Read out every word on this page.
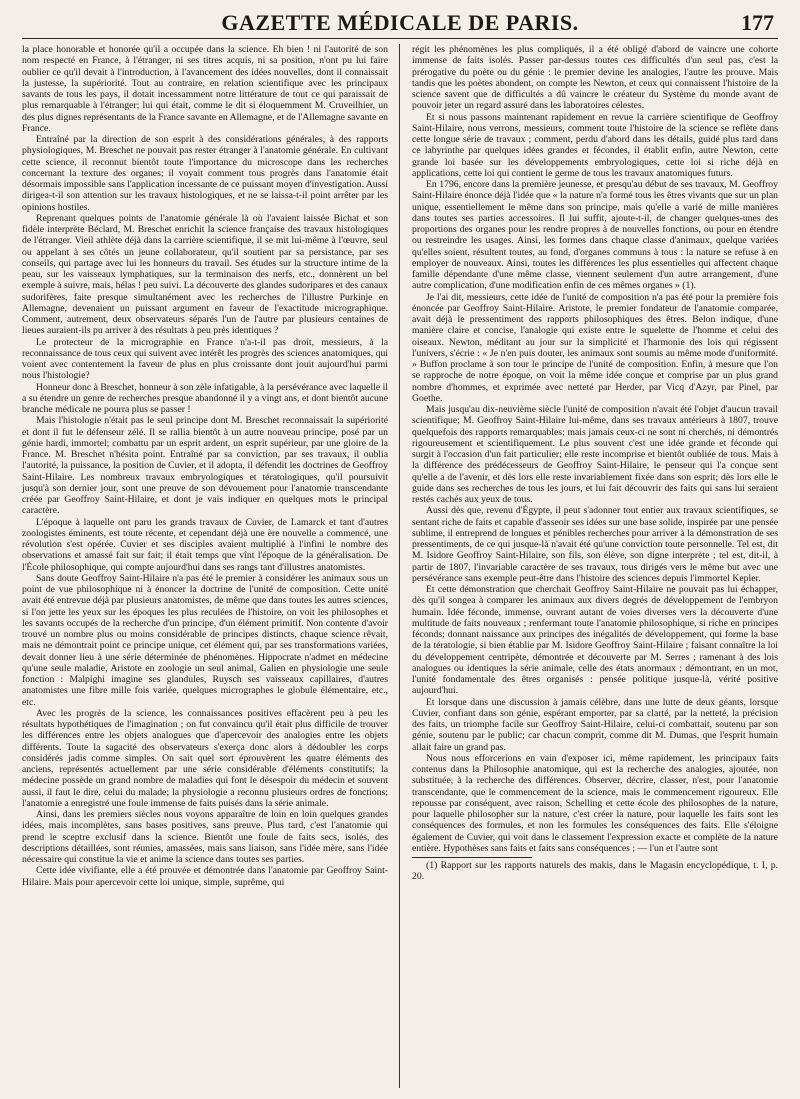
GAZETTE MÉDICALE DE PARIS.	177

la place honorable et honorée qu'il a occupée dans la science. Eh bien ! ni l'autorité de son nom respecté en France, à l'étranger, ni ses titres acquis, ni sa position, n'ont pu lui faire oublier ce qu'il devait à l'introduction, à l'avancement des idées nouvelles, dont il connaissait la justesse, la supériorité. Tout au contraire, en relation scientifique avec les principaux savants de tous les pays, il dotait incessamment notre littérature de tout ce qui paraissait de plus remarquable à l'étranger; lui qui était, comme le dit si éloquemment M. Cruveilhier, un des plus dignes représentants de la France savante en Allemagne, et de l'Allemagne savante en France.

Entraîné par la direction de son esprit à des considérations générales, à des rapports physiologiques, M. Breschet ne pouvait pas rester étranger à l'anatomie générale. En cultivant cette science, il reconnut bientôt toute l'importance du microscope dans les recherches concernant la texture des organes; il voyait comment tous progrès dans l'anatomie était désormais impossible sans l'application incessante de ce puissant moyen d'investigation. Aussi dirigea-t-il son attention sur les travaux histologiques, et ne se laissa-t-il point arrêter par les opinions hostiles.

Reprenant quelques points de l'anatomie générale là où l'avaient laissée Bichat et son fidèle interprète Béclard, M. Breschet enrichit la science française des travaux histologiques de l'étranger. Vieil athlète déjà dans la carrière scientifique, il se mit lui-même à l'œuvre, seul ou appelant à ses côtés un jeune collaborateur, qu'il soutient par sa persistance, par ses conseils, qui partage avec lui les honneurs du travail. Ses études sur la structure intime de la peau, sur les vaisseaux lymphatiques, sur la terminaison des nerfs, etc., donnèrent un bel exemple à suivre, mais, hélas ! peu suivi. La découverte des glandes sudoripares et des canaux sudorifères, faite presque simultanément avec les recherches de l'illustre Purkinje en Allemagne, devenaient un puissant argument en faveur de l'exactitude micrographique. Comment, autrement, deux observateurs séparés l'un de l'autre par plusieurs centaines de lieues auraient-ils pu arriver à des résultats à peu près identiques ?

Le protecteur de la micrographie en France n'a-t-il pas droit, messieurs, à la reconnaissance de tous ceux qui suivent avec intérêt les progrès des sciences anatomiques, qui voient avec contentement la faveur de plus en plus croissante dont jouit aujourd'hui parmi nous l'histologie?

Honneur donc à Breschet, honneur à son zèle infatigable, à la persévérance avec laquelle il a su étendre un genre de recherches presque abandonné il y a vingt ans, et dont bientôt aucune branche médicale ne pourra plus se passer !

Mais l'histologie n'était pas le seul principe dont M. Breschet reconnaissait la supériorité et dont il fut le défenseur zélé. Il se rallia bientôt à un autre nouveau principe, posé par un génie hardi, immortel; combattu par un esprit ardent, un esprit supérieur, par une gloire de la France. M. Breschet n'hésita point. Entraîné par sa conviction, par ses travaux, il oublia l'autorité, la puissance, la position de Cuvier, et il adopta, il défendit les doctrines de Geoffroy Saint-Hilaire. Les nombreux travaux embryologiques et tératologiques, qu'il poursuivit jusqu'à son dernier jour, sont une preuve de son dévouement pour l'anatomie transcendante créée par Geoffroy Saint-Hilaire, et dont je vais indiquer en quelques mots le principal caractère.

L'époque à laquelle ont paru les grands travaux de Cuvier, de Lamarck et tant d'autres zoologistes éminents, est toute récente, et cependant déjà une ère nouvelle a commencé, une révolution s'est opérée. Cuvier et ses disciples avaient multiplié à l'infini le nombre des observations et amassé fait sur fait; il était temps que vînt l'époque de la généralisation. De l'École philosophique, qui compte aujourd'hui dans ses rangs tant d'illustres anatomistes.

Sans doute Geoffroy Saint-Hilaire n'a pas été le premier à considérer les animaux sous un point de vue philosophique ni à énoncer la doctrine de l'unité de composition. Cette unité avait été entrevue déjà par plusieurs anatomistes, de même que dans toutes les autres sciences, si l'on jette les yeux sur les époques les plus reculées de l'histoire, on voit les philosophes et les savants occupés de la recherche d'un principe, d'un élément primitif. Non contente d'avoir trouvé un nombre plus ou moins considérable de principes distincts, chaque science rêvait, mais ne démontrait point ce principe unique, cet élément qui, par ses transformations variées, devait donner lieu à une série déterminée de phénomènes. Hippocrate n'admet en médecine qu'une seule maladie, Aristote en zoologie un seul animal, Galien en physiologie une seule fonction : Malpighi imagine ses glandules, Ruysch ses vaisseaux capillaires, d'autres anatomistes une fibre mille fois variée, quelques micrographes le globule élémentaire, etc., etc.

Avec les progrès de la science, les connaissances positives effacèrent peu à peu les résultats hypothétiques de l'imagination ; on fut convaincu qu'il était plus difficile de trouver les différences entre les objets analogues que d'apercevoir des analogies entre les objets différents. Toute la sagacité des observateurs s'exerça donc alors à dédoubler les corps considérés jadis comme simples. On sait quel sort éprouvèrent les quatre éléments des anciens, représentés actuellement par une série considérable d'éléments constitutifs; la médecine possède un grand nombre de maladies qui font le désespoir du médecin et souvent aussi, il faut le dire, celui du malade; la physiologie a reconnu plusieurs ordres de fonctions; l'anatomie a enregistré une foule immense de faits puisés dans la série animale.

Ainsi, dans les premiers siècles nous voyons apparaître de loin en loin quelques grandes idées, mais incomplètes, sans bases positives, sans preuve. Plus tard, c'est l'anatomie qui prend le sceptre exclusif dans la science. Bientôt une foule de faits secs, isolés, des descriptions détaillées, sont réunies, amassées, mais sans liaison, sans l'idée mère, sans l'idée nécessaire qui constitue la vie et anime la science dans toutes ses parties.

Cette idée vivifiante, elle a été prouvée et démontrée dans l'anatomie par Geoffroy Saint-Hilaire. Mais pour apercevoir cette loi unique, simple, suprême, qui

régit les phénomènes les plus compliqués, il a été obligé d'abord de vaincre une cohorte immense de faits isolés. Passer par-dessus toutes ces difficultés d'un seul pas, c'est la prérogative du poète ou du génie : le premier devine les analogies, l'autre les prouve. Mais tandis que les poètes abondent, on compte les Newton, et ceux qui connaissent l'histoire de la science savent que de difficultés a dû vaincre le créateur du Système du monde avant de pouvoir jeter un regard assuré dans les laboratoires célestes.

Et si nous passons maintenant rapidement en revue la carrière scientifique de Geoffroy Saint-Hilaire, nous verrons, messieurs, comment toute l'histoire de la science se reflète dans cette longue série de travaux ; comment, perdu d'abord dans les détails, guidé plus tard dans ce labyrinthe par quelques idées grandes et fécondes, il établit enfin, autre Newton, cette grande loi basée sur les développements embryologiques, cette loi si riche déjà en applications, cette loi qui contient le germe de tous les travaux anatomiques futurs.

En 1796, encore dans la première jeunesse, et presqu'au début de ses travaux, M. Geoffroy Saint-Hilaire énonce déjà l'idée que « la nature n'a formé tous les êtres vivants que sur un plan unique, essentiellement le même dans son principe, mais qu'elle a varié de mille manières dans toutes ses parties accessoires. Il lui suffit, ajoute-t-il, de changer quelques-unes des proportions des organes pour les rendre propres à de nouvelles fonctions, ou pour en étendre ou restreindre les usages. Ainsi, les formes dans chaque classe d'animaux, quelque variées qu'elles soient, résultent toutes, au fond, d'organes communs à tous : la nature se refuse à en employer de nouveaux. Ainsi, toutes les différences les plus essentielles qui affectent chaque famille dépendante d'une même classe, viennent seulement d'un autre arrangement, d'une autre complication, d'une modification enfin de ces mêmes organes » (1).

Je l'ai dit, messieurs, cette idée de l'unité de composition n'a pas été pour la première fois énoncée par Geoffroy Saint-Hilaire. Aristote, le premier fondateur de l'anatomie comparée, avait déjà le pressentiment des rapports philosophiques des êtres. Belon indique, d'une manière claire et concise, l'analogie qui existe entre le squelette de l'homme et celui des oiseaux. Newton, méditant au jour sur la simplicité et l'harmonie des lois qui régissent l'univers, s'écrie : « Je n'en puis douter, les animaux sont soumis au même mode d'uniformité. » Buffon proclame à son tour le principe de l'unité de composition. Enfin, à mesure que l'on se rapproche de notre époque, on voit la même idée conçue et comprise par un plus grand nombre d'hommes, et exprimée avec netteté par Herder, par Vicq d'Azyr, par Pinel, par Goethe.

Mais jusqu'au dix-neuvième siècle l'unité de composition n'avait été l'objet d'aucun travail scientifique; M. Geoffroy Saint-Hilaire lui-même, dans ses travaux antérieurs à 1807, trouve quelquefois des rapports remarquables; mais jamais ceux-ci ne sont ni cherchés, ni démontrés rigoureusement et scientifiquement. Le plus souvent c'est une idée grande et féconde qui surgit à l'occasion d'un fait particulier; elle reste incomprise et bientôt oubliée de tous. Mais à la différence des prédécesseurs de Geoffroy Saint-Hilaire, le penseur qui l'a conçue sent qu'elle a de l'avenir, et dès lors elle reste invariablement fixée dans son esprit; dès lors elle le guide dans ses recherches de tous les jours, et lui fait découvrir des faits qui sans lui seraient restés cachés aux yeux de tous.

Aussi dès que, revenu d'Égypte, il peut s'adonner tout entier aux travaux scientifiques, se sentant riche de faits et capable d'asseoir ses idées sur une base solide, inspirée par une pensée sublime, il entreprend de longues et pénibles recherches pour arriver à la démonstration de ses pressentiments, de ce qui jusque-là n'avait été qu'une conviction toute personnelle. Tel est, dit M. Isidore Geoffroy Saint-Hilaire, son fils, son élève, son digne interprète ; tel est, dit-il, à partir de 1807, l'invariable caractère de ses travaux, tous dirigés vers le même but avec une persévérance sans exemple peut-être dans l'histoire des sciences depuis l'immortel Kepler.

Et cette démonstration que cherchait Geoffroy Saint-Hilaire ne pouvait pas lui échapper, dès qu'il songea à comparer les animaux aux divers degrés de développement de l'embryon humain. Idée féconde, immense, ouvrant autant de voies diverses vers la découverte d'une multitude de faits nouveaux ; renfermant toute l'anatomie philosophique, si riche en principes féconds; donnant naissance aux principes des inégalités de développement, qui forme la base de la tératologie, si bien établie par M. Isidore Geoffroy Saint-Hilaire ; faisant connaître la loi du développement centripète, démontrée et découverte par M. Serres ; ramenant à des lois analogues ou identiques la série animale, celle des états anormaux ; démontrant, en un mot, l'unité fondamentale des êtres organisés : pensée politique jusque-là, vérité positive aujourd'hui.

Et lorsque dans une discussion à jamais célèbre, dans une lutte de deux géants, lorsque Cuvier, confiant dans son génie, espérant emporter, par sa clarté, par la netteté, la précision des faits, un triomphe facile sur Geoffroy Saint-Hilaire, celui-ci combattait, soutenu par son génie, soutenu par le public; car chacun comprit, comme dit M. Dumas, que l'esprit humain allait faire un grand pas.

Nous nous efforcerions en vain d'exposer ici, même rapidement, les principaux faits contenus dans la Philosophie anatomique, qui est la recherche des analogies, ajoutée, non substituée, à la recherche des différences. Observer, décrire, classer, n'est, pour l'anatomie transcendante, que le commencement de la science, mais le commencement rigoureux. Elle repousse par conséquent, avec raison, Schelling et cette école des philosophes de la nature, pour laquelle philosopher sur la nature, c'est créer la nature, pour laquelle les faits sont les conséquences des formules, et non les formules les conséquences des faits. Elle s'éloigne également de Cuvier, qui voit dans le classement l'expression exacte et complète de la nature entière. Hypothèses sans faits et faits sans conséquences ; — l'un et l'autre sont

(1) Rapport sur les rapports naturels des makis, dans le Magasin encyclopédique, t. I, p. 20.
